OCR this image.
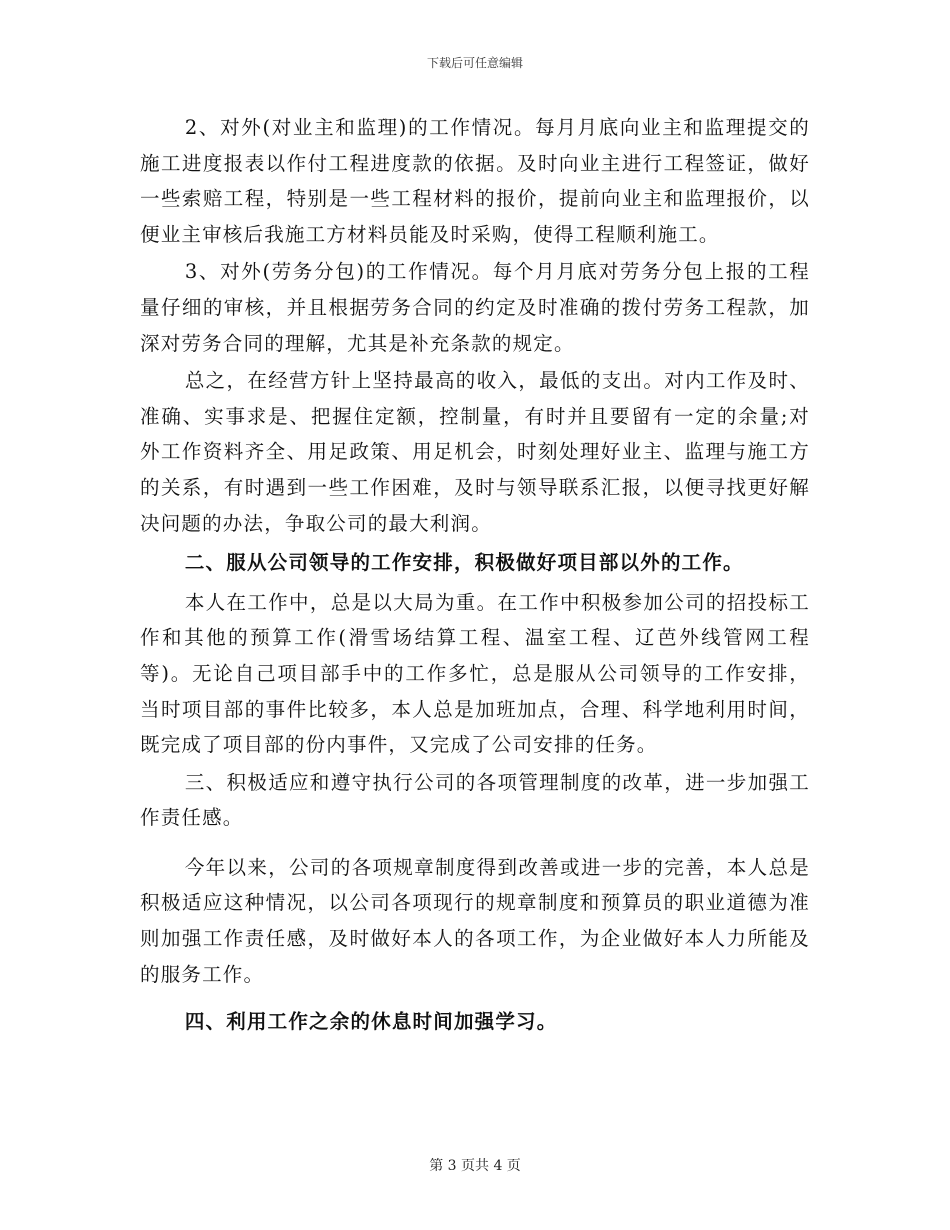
下载后可任意编辑

2、对外(对业主和监理)的工作情况。每月月底向业主和监理提交的施工进度报表以作付工程进度款的依据。及时向业主进行工程签证，做好一些索赔工程，特别是一些工程材料的报价，提前向业主和监理报价，以便业主审核后我施工方材料员能及时采购，使得工程顺利施工。

3、对外(劳务分包)的工作情况。每个月月底对劳务分包上报的工程量仔细的审核，并且根据劳务合同的约定及时准确的拨付劳务工程款，加深对劳务合同的理解，尤其是补充条款的规定。

总之，在经营方针上坚持最高的收入，最低的支出。对内工作及时、准确、实事求是、把握住定额，控制量，有时并且要留有一定的余量;对外工作资料齐全、用足政策、用足机会，时刻处理好业主、监理与施工方的关系，有时遇到一些工作困难，及时与领导联系汇报，以便寻找更好解决问题的办法，争取公司的最大利润。

二、服从公司领导的工作安排，积极做好项目部以外的工作。

本人在工作中，总是以大局为重。在工作中积极参加公司的招投标工作和其他的预算工作(滑雪场结算工程、温室工程、辽芭外线管网工程等)。无论自己项目部手中的工作多忙，总是服从公司领导的工作安排，当时项目部的事件比较多，本人总是加班加点，合理、科学地利用时间，既完成了项目部的份内事件，又完成了公司安排的任务。

三、积极适应和遵守执行公司的各项管理制度的改革，进一步加强工作责任感。

今年以来，公司的各项规章制度得到改善或进一步的完善，本人总是积极适应这种情况，以公司各项现行的规章制度和预算员的职业道德为准则加强工作责任感，及时做好本人的各项工作，为企业做好本人力所能及的服务工作。

四、利用工作之余的休息时间加强学习。

第 3 页共 4 页
